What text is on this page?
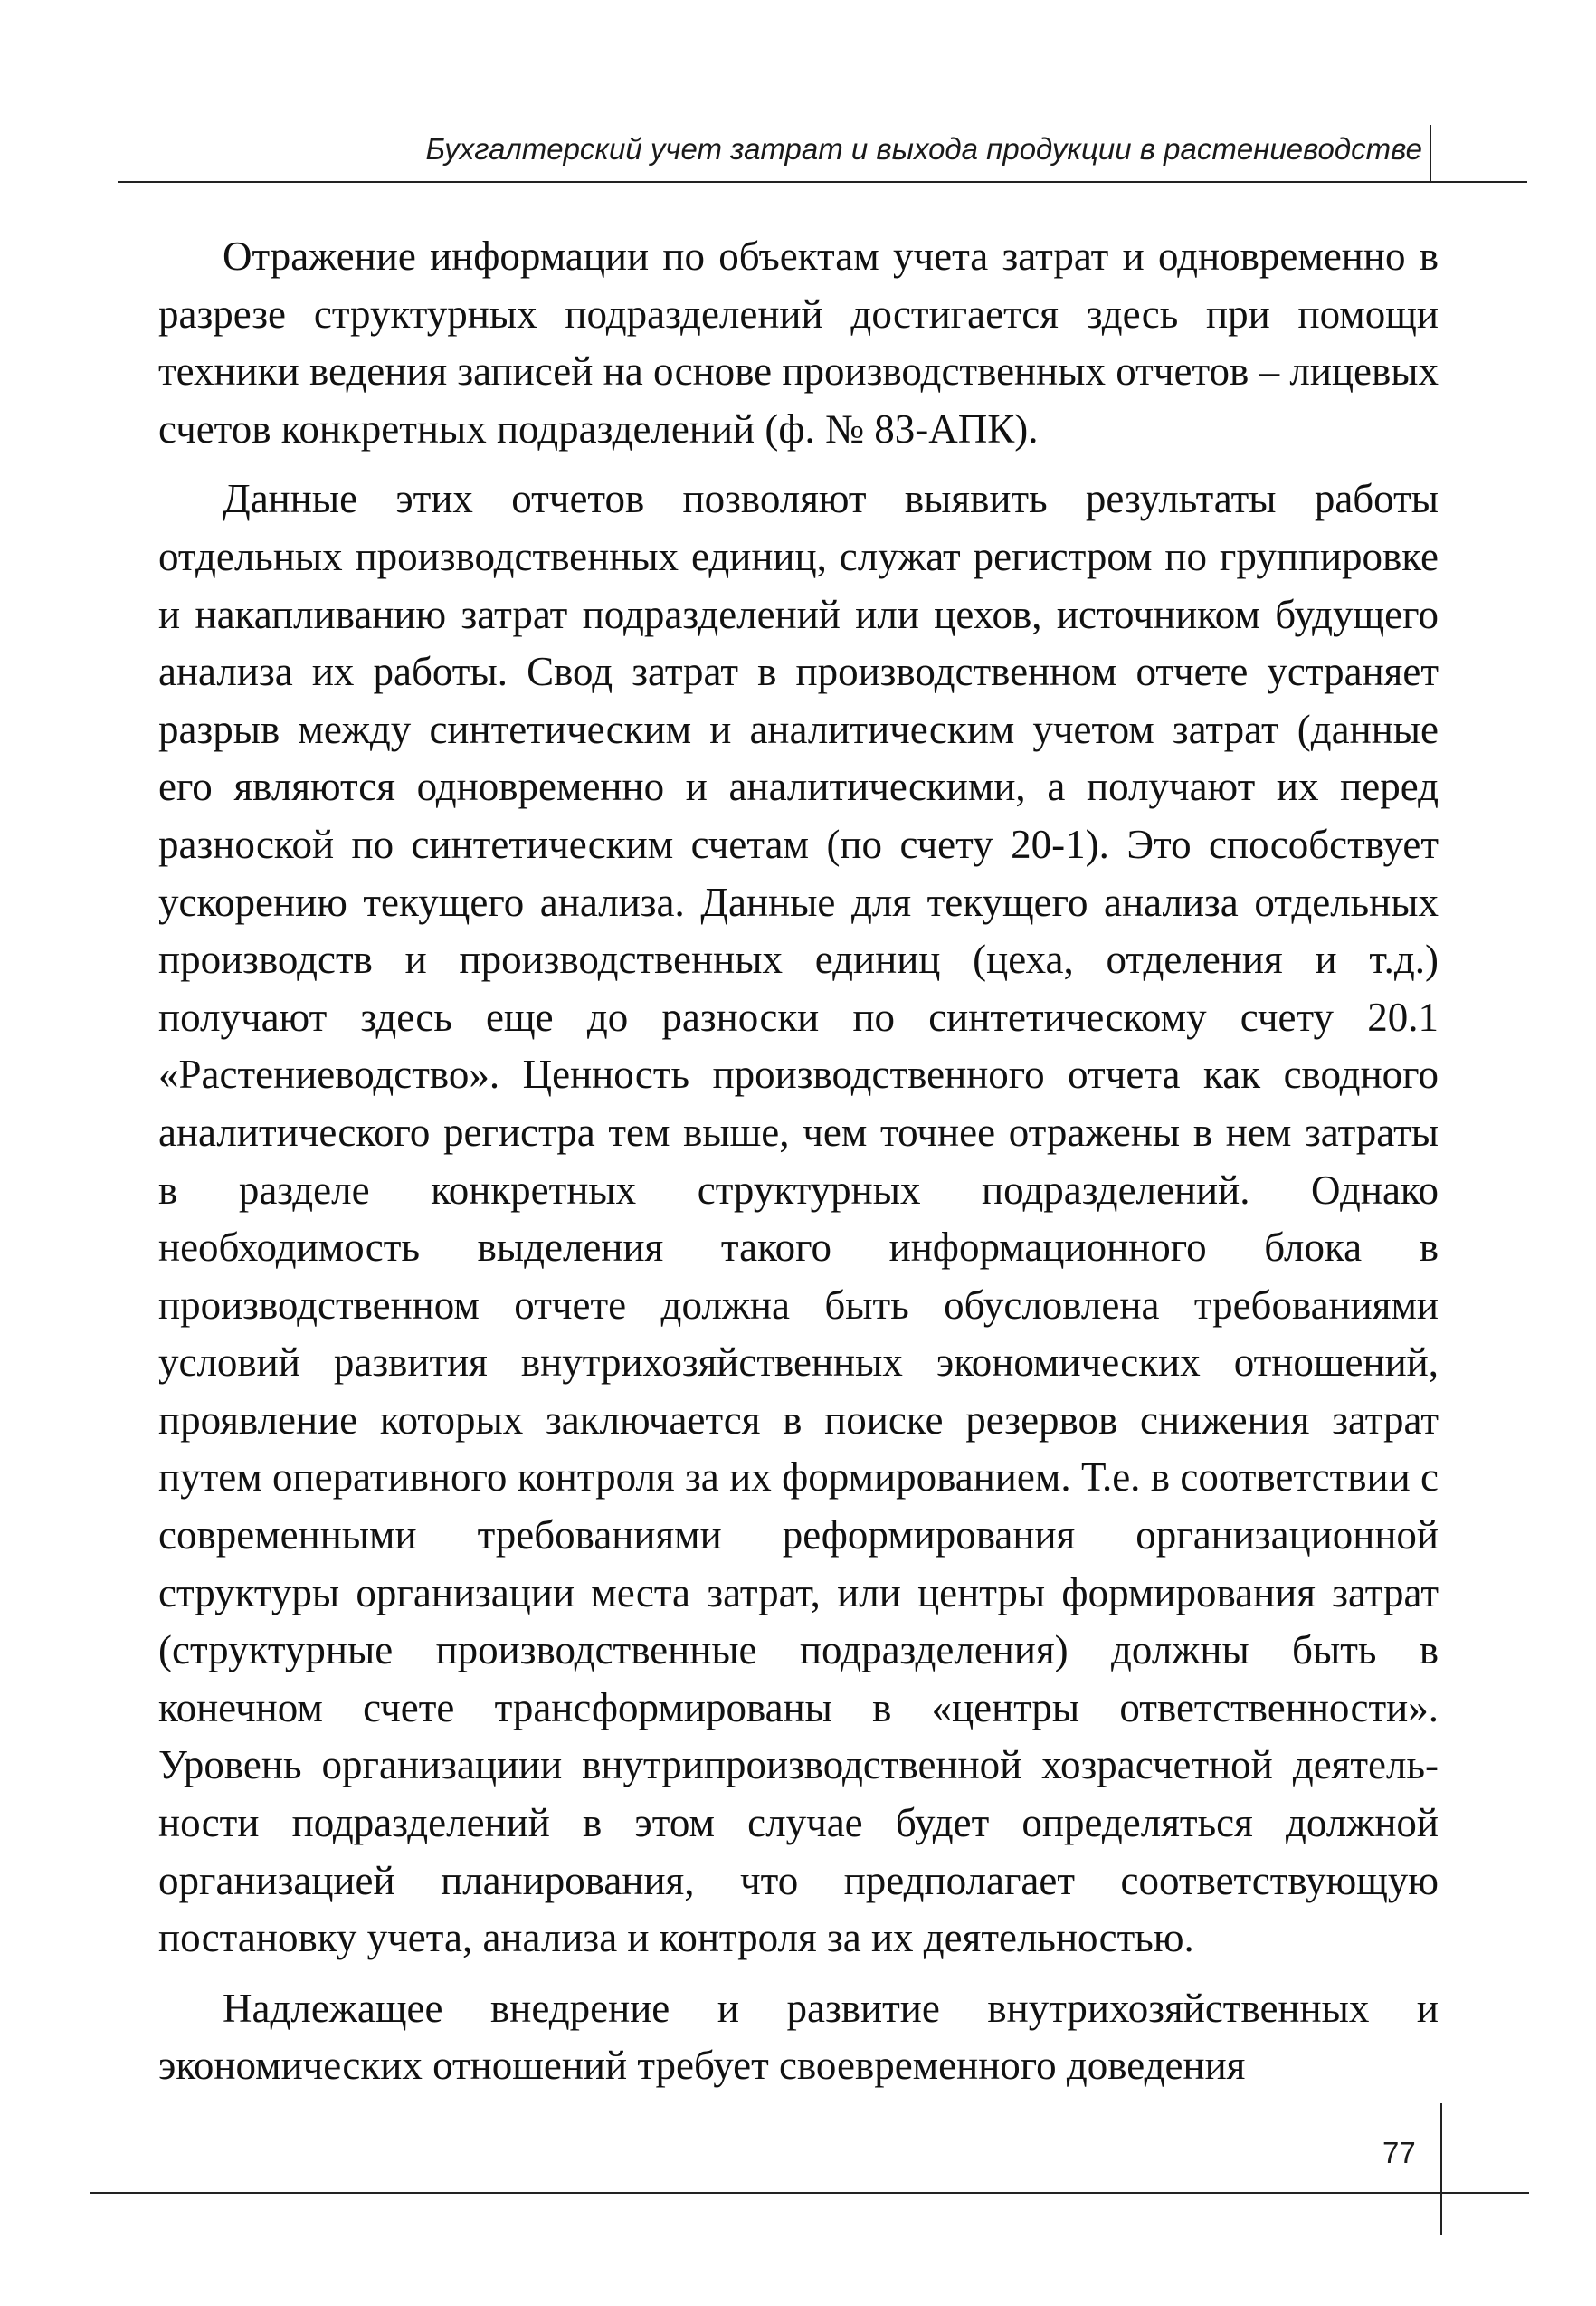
Бухгалтерский учет затрат и выхода продукции в растениеводстве

Отражение информации по объектам учета затрат и одновременно в разрезе структурных подразделений достигается здесь при помощи техники ведения записей на основе производственных отчетов – лицевых счетов конкретных подразделений (ф. № 83-АПК).

Данные этих отчетов позволяют выявить результаты работы отдельных производственных единиц, служат регистром по группировке и накапливанию затрат подразделений или цехов, источником будущего анализа их работы. Свод затрат в производственном отчете устраняет разрыв между синтетическим и аналитическим учетом затрат (данные его являются одновременно и аналитическими, а получают их перед разноской по синтетическим счетам (по счету 20-1). Это способствует ускорению текущего анализа. Данные для текущего анализа отдельных производств и производственных единиц (цеха, отделения и т.д.) получают здесь еще до разноски по синтетическому счету 20.1 «Растениеводство». Ценность производственного отчета как сводного аналитического регистра тем выше, чем точнее отражены в нем затраты в разделе конкретных структурных подразделений. Однако необходимость выделения такого информационного блока в производственном отчете должна быть обусловлена требованиями условий развития внутрихозяйственных экономических отношений, проявление которых заключается в поиске резервов снижения затрат путем оперативного контроля за их формированием. Т.е. в соответствии с современными требованиями реформирования организационной структуры организации места затрат, или центры формирования затрат (структурные производственные подразделения) должны быть в конечном счете трансформированы в «центры ответственности». Уровень организациии внутрипроизводственной хозрасчетной деятельности подразделений в этом случае будет определяться должной организацией планирования, что предполагает соответствующую постановку учета, анализа и контроля за их деятельностью.

Надлежащее внедрение и развитие внутрихозяйственных и экономических отношений требует своевременного доведения

77
